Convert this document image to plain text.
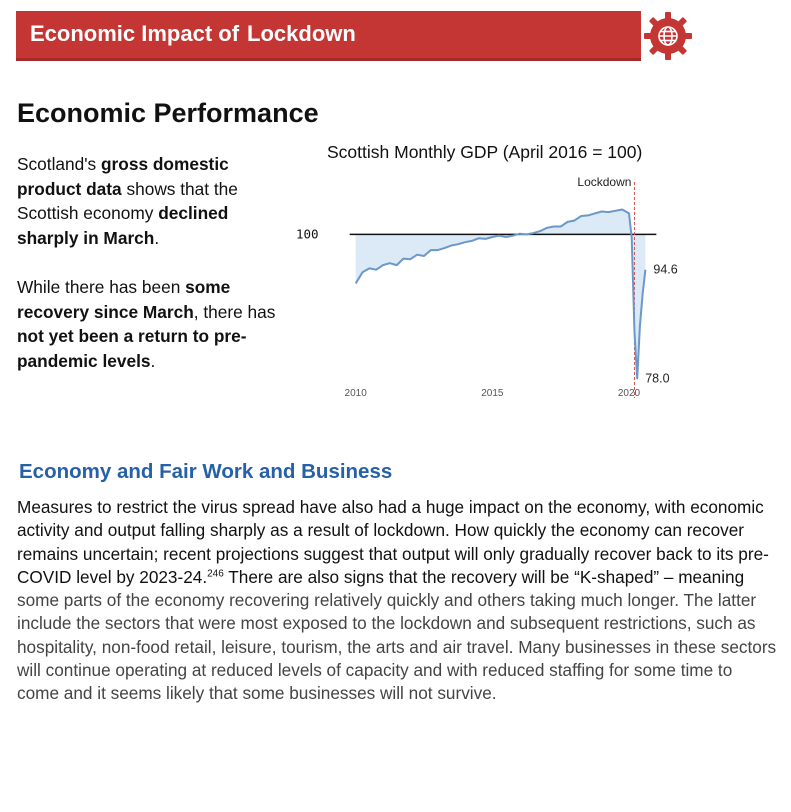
Economic Impact of Lockdown
Economic Performance

Scotland's gross domestic product data shows that the Scottish economy declined sharply in March.

While there has been some recovery since March, there has not yet been a return to pre-pandemic levels.

Scottish Monthly GDP (April 2016 = 100)
100
Lockdown
78.0
94.6
2010	2015	2020
Economy and Fair Work and Business
Measures to restrict the virus spread have also had a huge impact on the economy, with economic activity and output falling sharply as a result of lockdown. How quickly the economy can recover remains uncertain; recent projections suggest that output will only gradually recover back to its pre-COVID level by 2023-24.$^{246}$ There are also signs that the recovery will be “K-shaped” – meaning some parts of the economy recovering relatively quickly and others taking much longer. The latter include the sectors that were most exposed to the lockdown and subsequent restrictions, such as hospitality, non-food retail, leisure, tourism, the arts and air travel. Many businesses in these sectors will continue operating at reduced levels of capacity and with reduced staffing for some time to come and it seems likely that some businesses will not survive.
